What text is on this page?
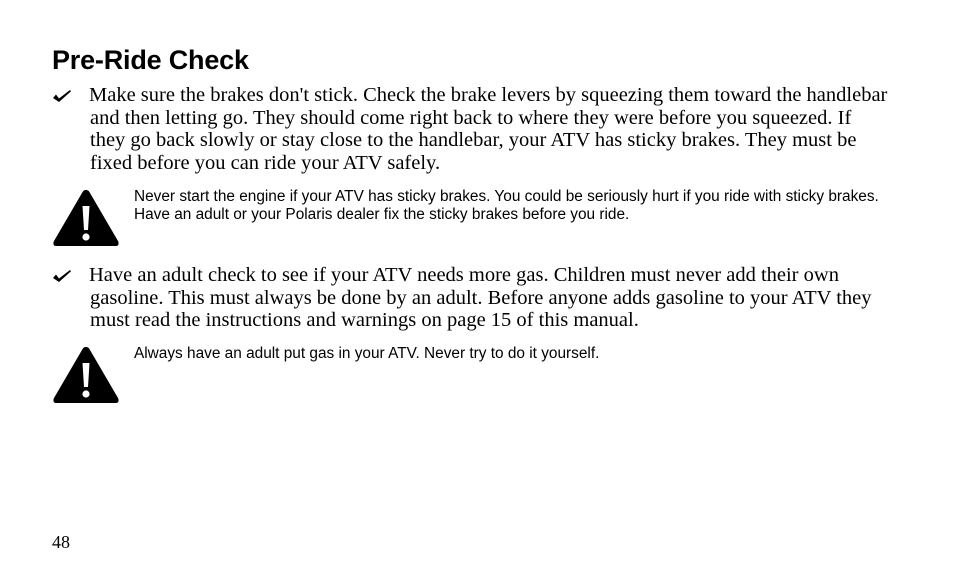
Pre-Ride Check

Make sure the brakes don't stick. Check the brake levers by squeezing them toward the handlebar and then letting go. They should come right back to where they were before you squeezed. If they go back slowly or stay close to the handlebar, your ATV has sticky brakes. They must be fixed before you can ride your ATV safely.

Never start the engine if your ATV has sticky brakes. You could be seriously hurt if you ride with sticky brakes. Have an adult or your Polaris dealer fix the sticky brakes before you ride.

Have an adult check to see if your ATV needs more gas. Children must never add their own gasoline. This must always be done by an adult. Before anyone adds gasoline to your ATV they must read the instructions and warnings on page 15 of this manual.

Always have an adult put gas in your ATV. Never try to do it yourself.

48
